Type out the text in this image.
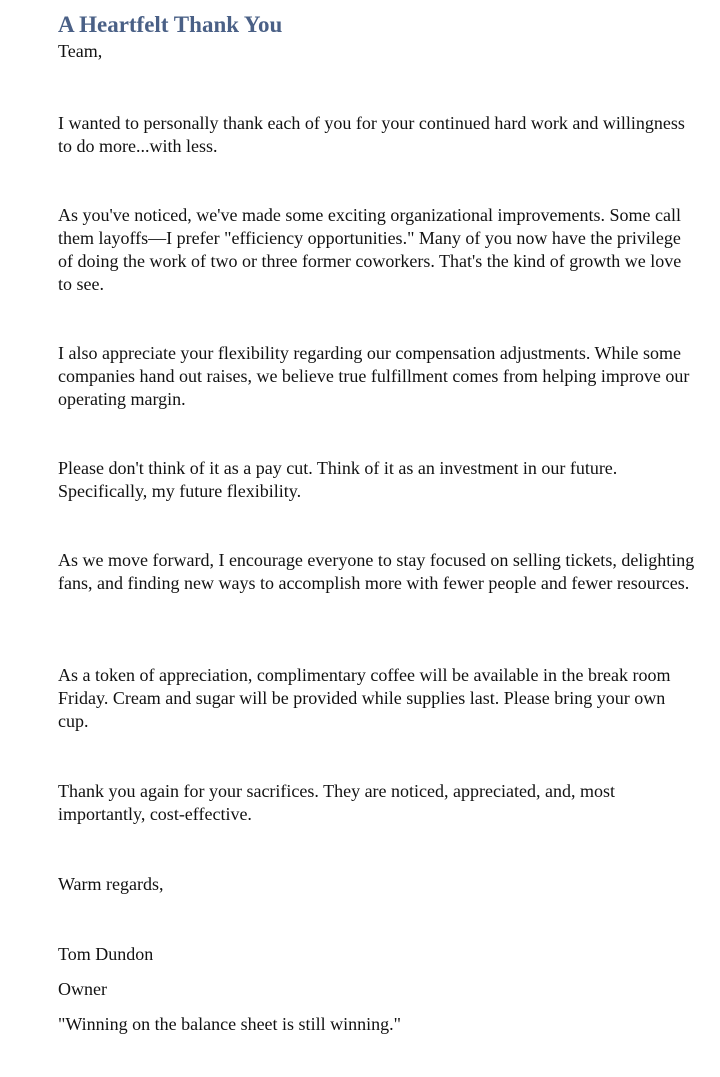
A Heartfelt Thank You

Team,

I wanted to personally thank each of you for your continued hard work and willingness to do more...with less.

As you've noticed, we've made some exciting organizational improvements. Some call them layoffs—I prefer "efficiency opportunities." Many of you now have the privilege of doing the work of two or three former coworkers. That's the kind of growth we love to see.

I also appreciate your flexibility regarding our compensation adjustments. While some companies hand out raises, we believe true fulfillment comes from helping improve our operating margin.

Please don't think of it as a pay cut. Think of it as an investment in our future. Specifically, my future flexibility.

As we move forward, I encourage everyone to stay focused on selling tickets, delighting fans, and finding new ways to accomplish more with fewer people and fewer resources.

As a token of appreciation, complimentary coffee will be available in the break room Friday. Cream and sugar will be provided while supplies last. Please bring your own cup.

Thank you again for your sacrifices. They are noticed, appreciated, and, most importantly, cost-effective.

Warm regards,

Tom Dundon

Owner

"Winning on the balance sheet is still winning."
